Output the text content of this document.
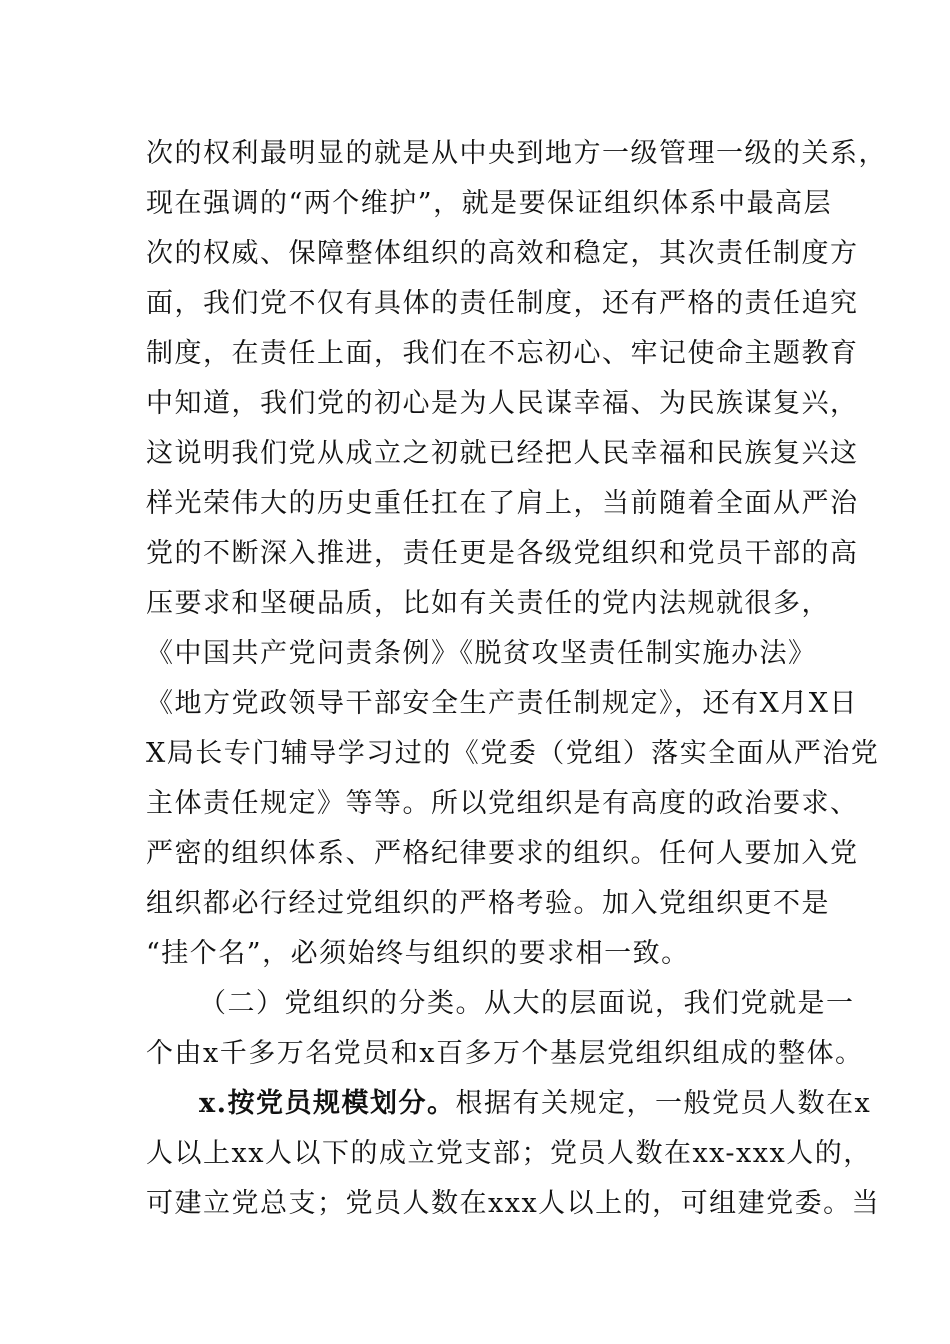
次的权利最明显的就是从中央到地方一级管理一级的关系，
现在强调的“两个维护”，就是要保证组织体系中最高层
次的权威、保障整体组织的高效和稳定，其次责任制度方
面，我们党不仅有具体的责任制度，还有严格的责任追究
制度，在责任上面，我们在不忘初心、牢记使命主题教育
中知道，我们党的初心是为人民谋幸福、为民族谋复兴，
这说明我们党从成立之初就已经把人民幸福和民族复兴这
样光荣伟大的历史重任扛在了肩上，当前随着全面从严治
党的不断深入推进，责任更是各级党组织和党员干部的高
压要求和坚硬品质，比如有关责任的党内法规就很多，
《中国共产党问责条例》《脱贫攻坚责任制实施办法》
《地方党政领导干部安全生产责任制规定》，还有X月X日
X局长专门辅导学习过的《党委（党组）落实全面从严治党
主体责任规定》等等。所以党组织是有高度的政治要求、
严密的组织体系、严格纪律要求的组织。任何人要加入党
组织都必行经过党组织的严格考验。加入党组织更不是
“挂个名”，必须始终与组织的要求相一致。
（二）党组织的分类。从大的层面说，我们党就是一
个由x千多万名党员和x百多万个基层党组织组成的整体。
x.按党员规模划分。根据有关规定，一般党员人数在x
人以上xx人以下的成立党支部；党员人数在xx-xxx人的，
可建立党总支；党员人数在xxx人以上的，可组建党委。当
